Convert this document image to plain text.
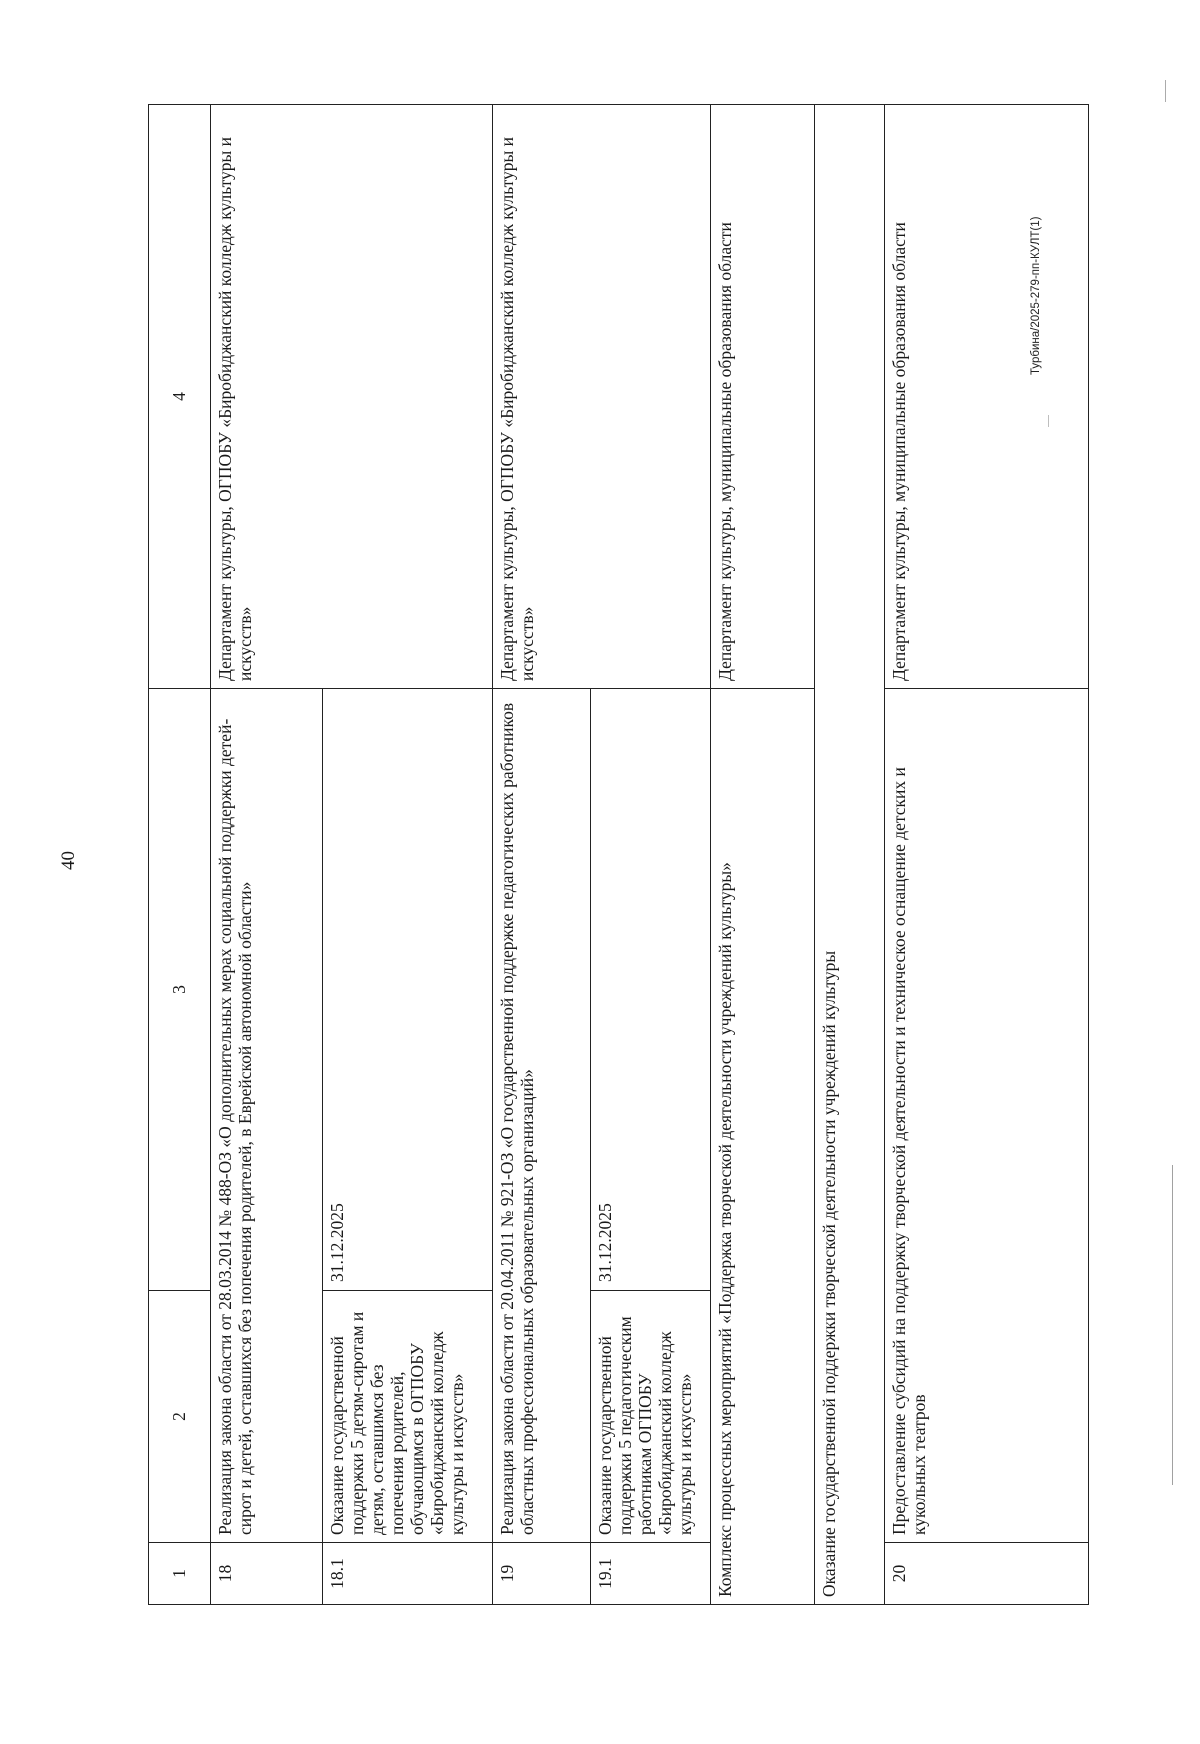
40
1	2	3	4
18	Реализация закона области от 28.03.2014 № 488-ОЗ «О дополнительных мерах социальной поддержки детей-сирот и детей, оставшихся без попечения родителей, в Еврейской автономной области»		Департамент культуры, ОГПОБУ «Биробиджанский колледж культуры и искусств»
18.1	Оказание государственной поддержки 5 детям-сиротам и детям, оставшимся без попечения родителей, обучающимся в ОГПОБУ «Биробиджанский колледж культуры и искусств»	31.12.2025	
19	Реализация закона области от 20.04.2011 № 921-ОЗ «О государственной поддержке педагогических работников областных профессиональных образовательных организаций»		Департамент культуры, ОГПОБУ «Биробиджанский колледж культуры и искусств»
19.1	Оказание государственной поддержки 5 педагогическим работникам ОГПОБУ «Биробиджанский колледж культуры и искусств»	31.12.2025	
Комплекс процессных мероприятий «Поддержка творческой деятельности учреждений культуры»			Департамент культуры, муниципальные образования области
Оказание государственной поддержки творческой деятельности учреждений культуры			
20	Предоставление субсидий на поддержку творческой деятельности и техническое оснащение детских и кукольных театров		Департамент культуры, муниципальные образования области	Турбина/2025-279-пп-КУЛТ(1)
